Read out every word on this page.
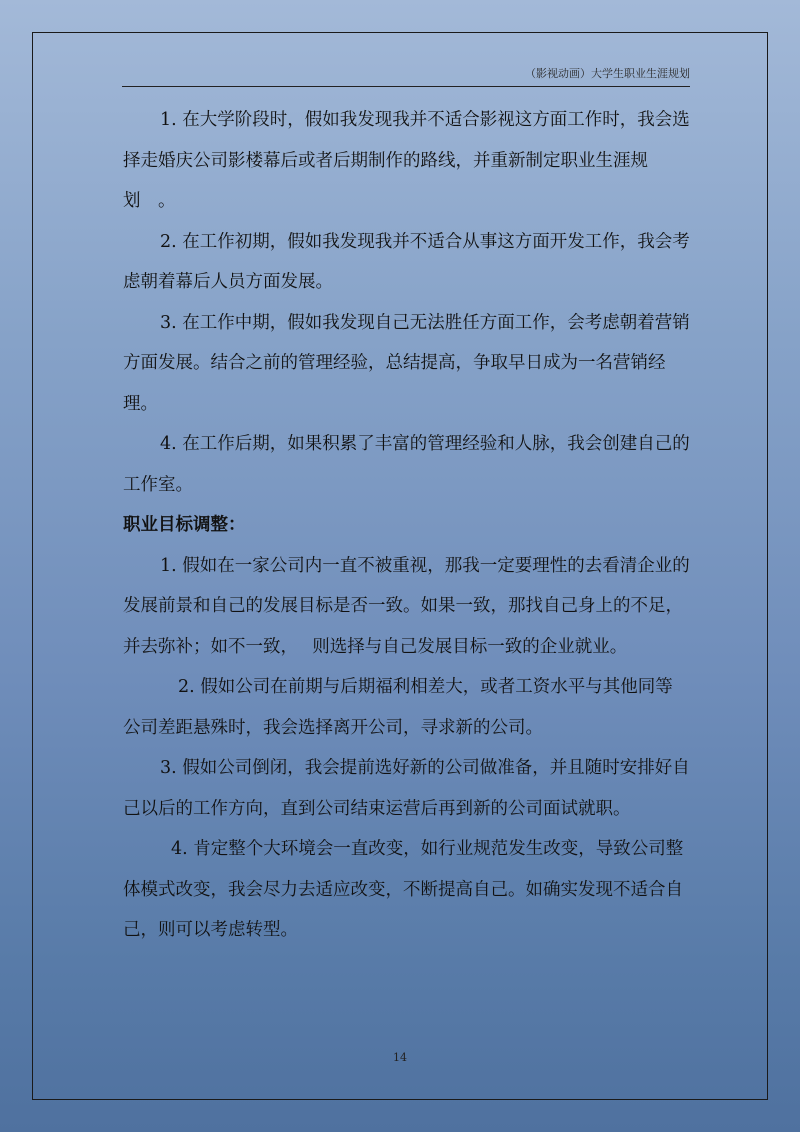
（影视动画）大学生职业生涯规划

1. 在大学阶段时，假如我发现我并不适合影视这方面工作时，我会选择走婚庆公司影楼幕后或者后期制作的路线，并重新制定职业生涯规划　。

2. 在工作初期，假如我发现我并不适合从事这方面开发工作，我会考虑朝着幕后人员方面发展。

3. 在工作中期，假如我发现自己无法胜任方面工作，会考虑朝着营销方面发展。结合之前的管理经验，总结提高，争取早日成为一名营销经理。

4. 在工作后期，如果积累了丰富的管理经验和人脉，我会创建自己的工作室。

职业目标调整：

1. 假如在一家公司内一直不被重视，那我一定要理性的去看清企业的发展前景和自己的发展目标是否一致。如果一致，那找自己身上的不足，并去弥补；如不一致，　 则选择与自己发展目标一致的企业就业。

2. 假如公司在前期与后期福利相差大，或者工资水平与其他同等公司差距悬殊时，我会选择离开公司，寻求新的公司。

3. 假如公司倒闭，我会提前选好新的公司做准备，并且随时安排好自己以后的工作方向，直到公司结束运营后再到新的公司面试就职。

4. 肯定整个大环境会一直改变，如行业规范发生改变，导致公司整体模式改变，我会尽力去适应改变，不断提高自己。如确实发现不适合自己，则可以考虑转型。

14
